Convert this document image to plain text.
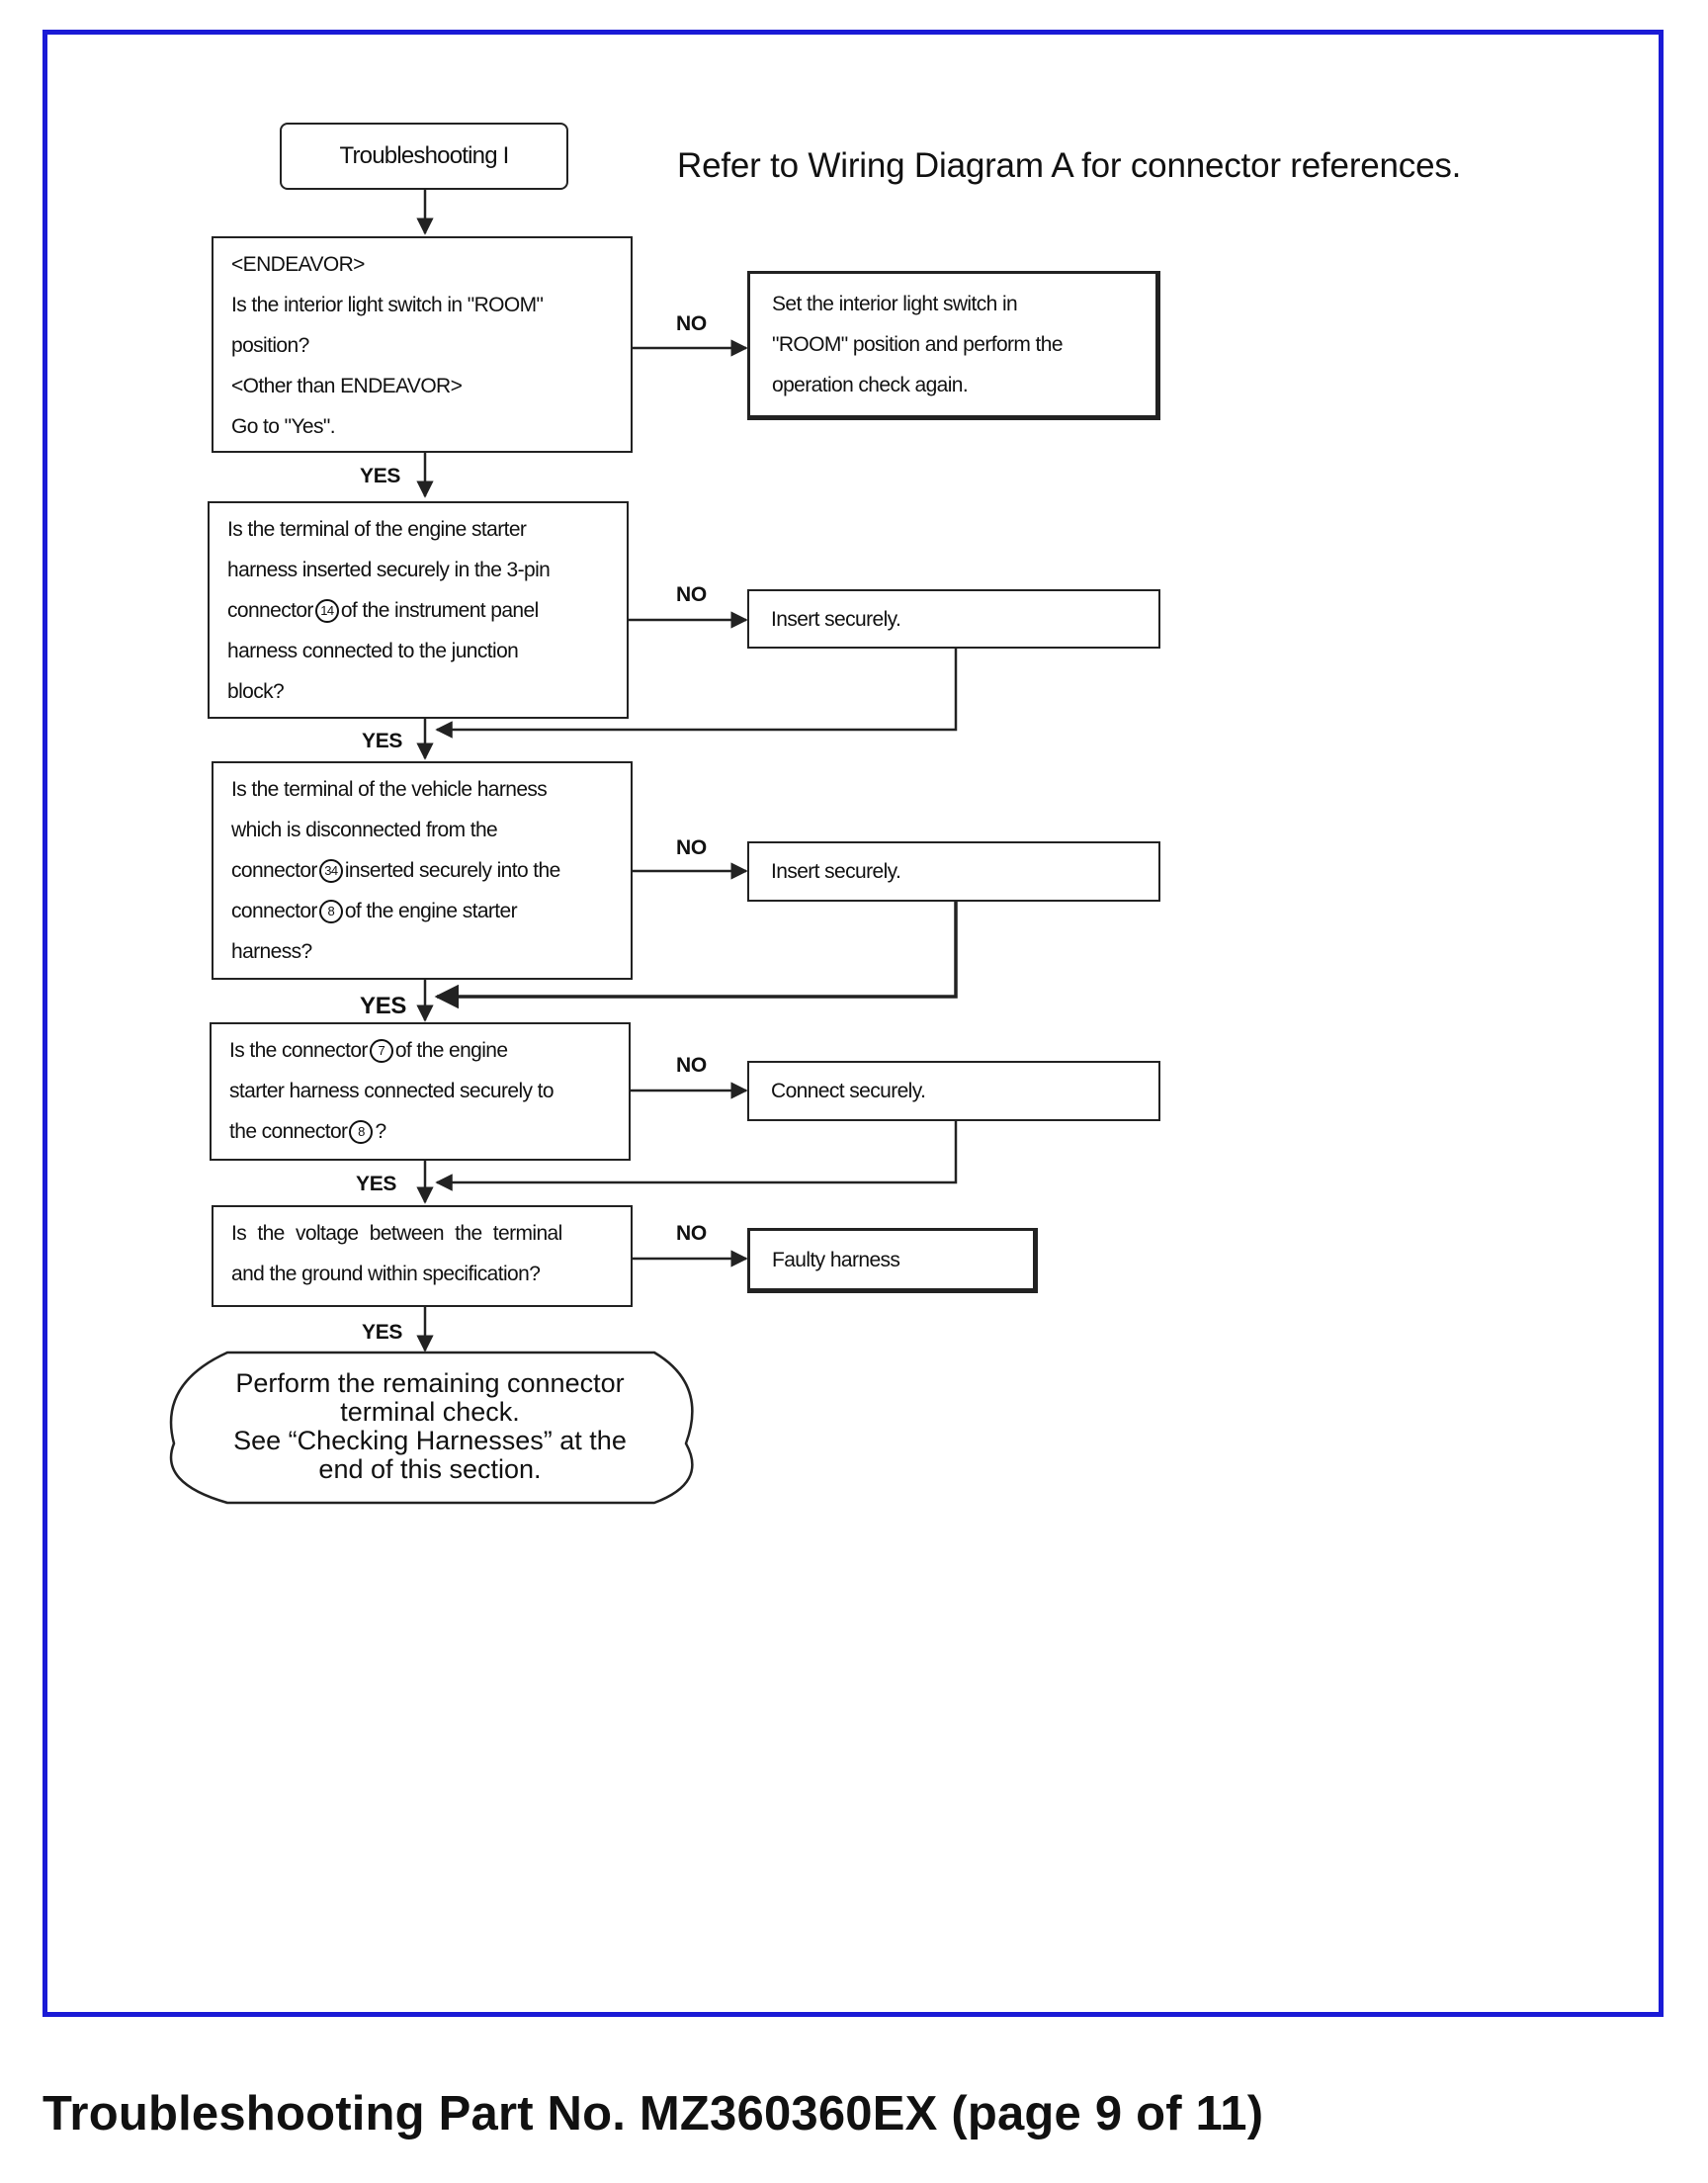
Troubleshooting I	Refer to Wiring Diagram A for connector references.
<ENDEAVOR>
Is the interior light switch in "ROOM"
position?
<Other than ENDEAVOR>
Go to "Yes".
NO
Set the interior light switch in
"ROOM" position and perform the
operation check again.
YES
Is the terminal of the engine starter
harness inserted securely in the 3-pin
connector 14 of the instrument panel
harness connected to the junction
block?
NO
Insert securely.
YES
Is the terminal of the vehicle harness
which is disconnected from the
connector 34 inserted securely into the
connector 8 of the engine starter
harness?
NO
Insert securely.
YES
Is the connector 7 of the engine
starter harness connected securely to
the connector 8 ?
NO
Connect securely.
YES
Is the voltage between the terminal
and the ground within specification?
NO
Faulty harness
YES
Perform the remaining connector
terminal check.
See “Checking Harnesses” at the
end of this section.
Troubleshooting Part No. MZ360360EX (page 9 of 11)
